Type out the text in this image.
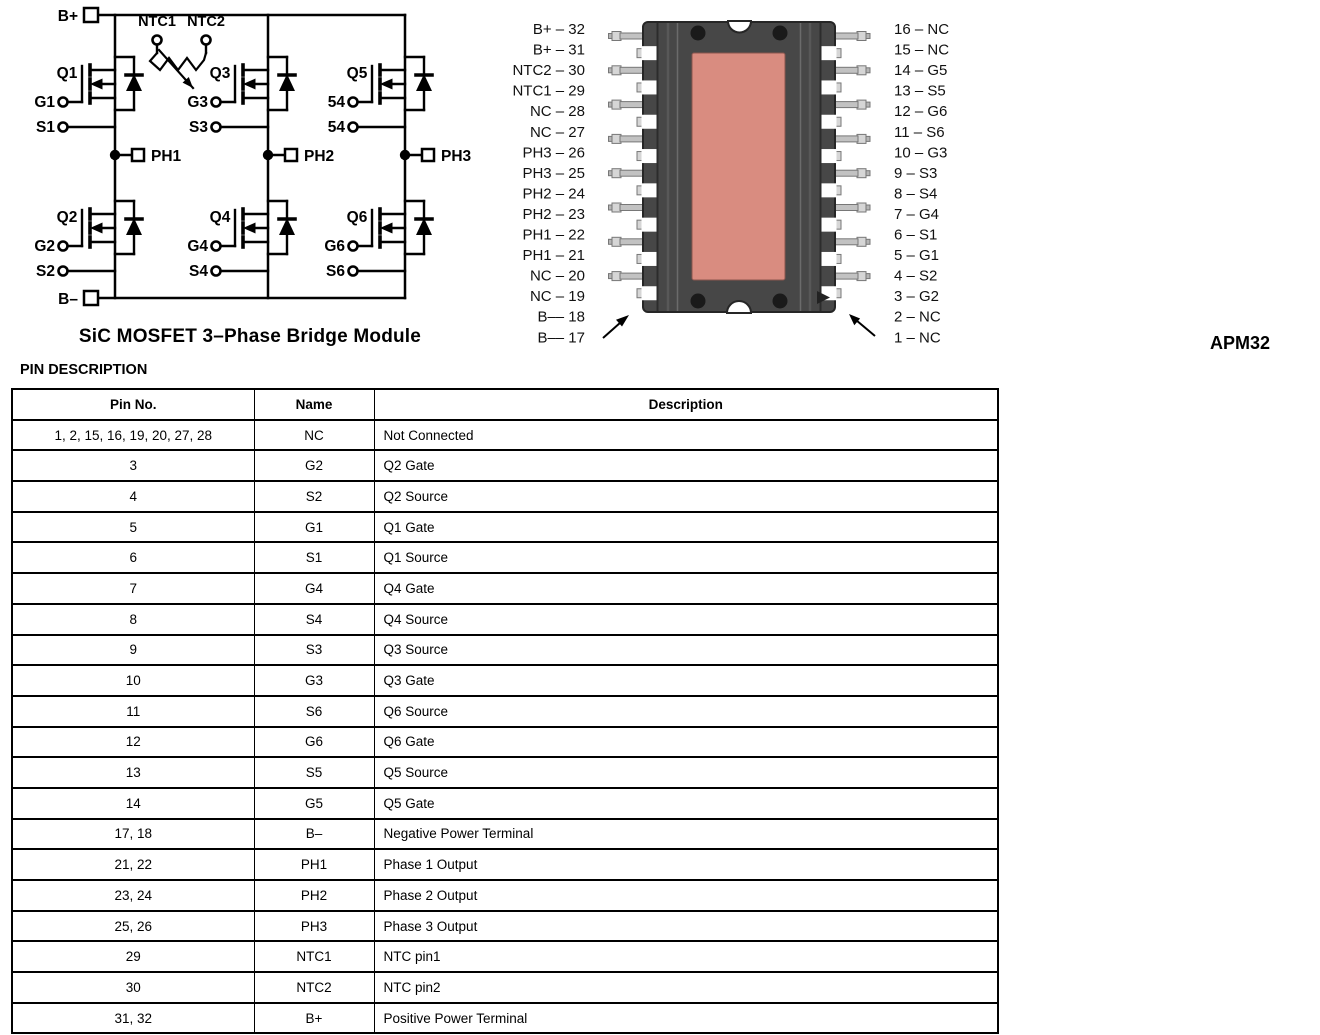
B+
B–
NTC1 NTC2
PH1	PH2	PH3
Q1
G1
S1
Q2
G2
S2
Q3
G3
S3
Q4
G4
S4
Q5
54
54
Q6
G6
S6
SiC MOSFET 3–Phase Bridge Module
B+ – 32
B+ – 31
NTC2 – 30
NTC1 – 29
NC – 28
NC – 27
PH3 – 26
PH3 – 25
PH2 – 24
PH2 – 23
PH1 – 22
PH1 – 21
NC – 20
NC – 19
B–– 18
B–– 17
16 – NC
15 – NC
14 – G5
13 – S5
12 – G6
11 – S6
10 – G3
9 – S3
8 – S4
7 – G4
6 – S1
5 – G1
4 – S2
3 – G2
2 – NC
1 – NC	APM32
PIN DESCRIPTION
Pin No.	Name	Description
1, 2, 15, 16, 19, 20, 27, 28	NC	Not Connected
3	G2	Q2 Gate
4	S2	Q2 Source
5	G1	Q1 Gate
6	S1	Q1 Source
7	G4	Q4 Gate
8	S4	Q4 Source
9	S3	Q3 Source
10	G3	Q3 Gate
11	S6	Q6 Source
12	G6	Q6 Gate
13	S5	Q5 Source
14	G5	Q5 Gate
17, 18	B–	Negative Power Terminal
21, 22	PH1	Phase 1 Output
23, 24	PH2	Phase 2 Output
25, 26	PH3	Phase 3 Output
29	NTC1	NTC pin1
30	NTC2	NTC pin2
31, 32	B+	Positive Power Terminal
